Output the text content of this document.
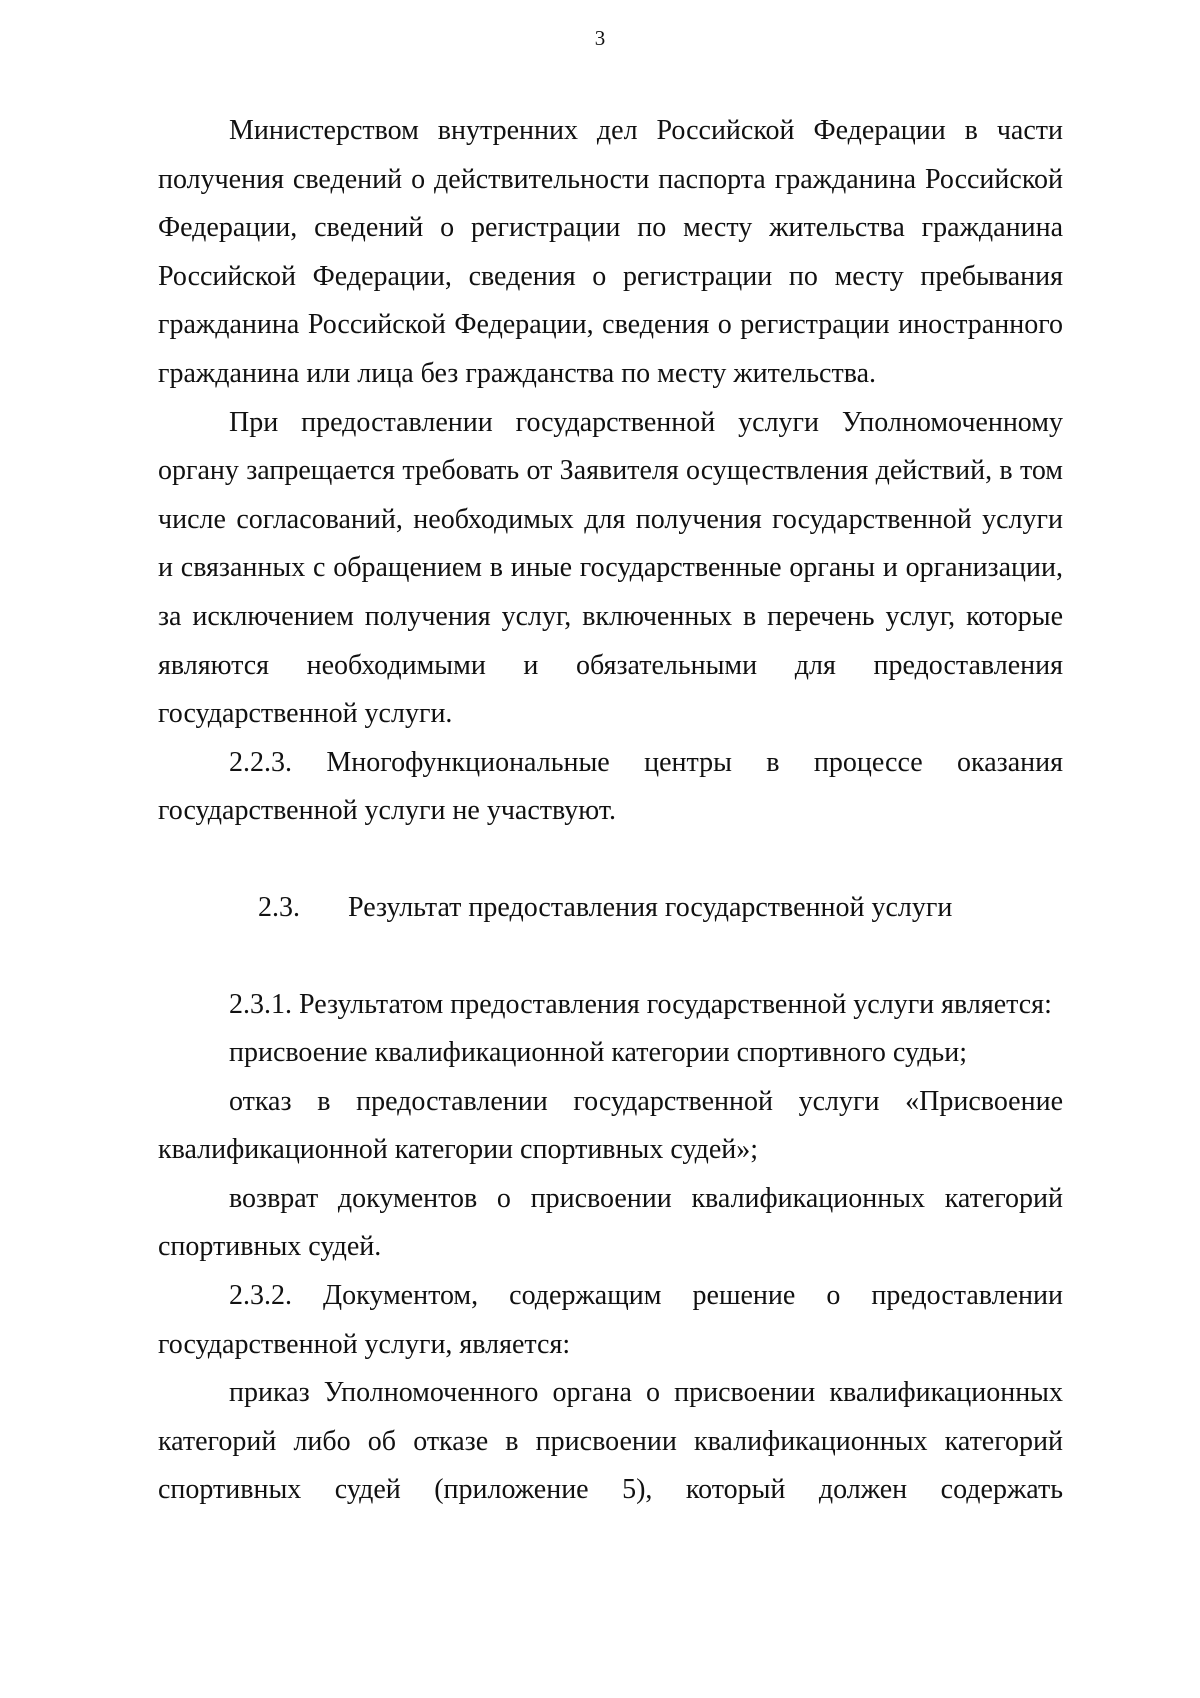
3

Министерством внутренних дел Российской Федерации в части получения сведений о действительности паспорта гражданина Российской Федерации, сведений о регистрации по месту жительства гражданина Российской Федерации, сведения о регистрации по месту пребывания гражданина Российской Федерации, сведения о регистрации иностранного гражданина или лица без гражданства по месту жительства.

При предоставлении государственной услуги Уполномоченному органу запрещается требовать от Заявителя осуществления действий, в том числе согласований, необходимых для получения государственной услуги и связанных с обращением в иные государственные органы и организации, за исключением получения услуг, включенных в перечень услуг, которые являются необходимыми и обязательными для предоставления государственной услуги.

2.2.3. Многофункциональные центры в процессе оказания государственной услуги не участвуют.

2.3. Результат предоставления государственной услуги

2.3.1. Результатом предоставления государственной услуги является:

присвоение квалификационной категории спортивного судьи;

отказ в предоставлении государственной услуги «Присвоение квалификационной категории спортивных судей»;

возврат документов о присвоении квалификационных категорий спортивных судей.

2.3.2. Документом, содержащим решение о предоставлении государственной услуги, является:

приказ Уполномоченного органа о присвоении квалификационных категорий либо об отказе в присвоении квалификационных категорий спортивных судей (приложение 5), который должен содержать
